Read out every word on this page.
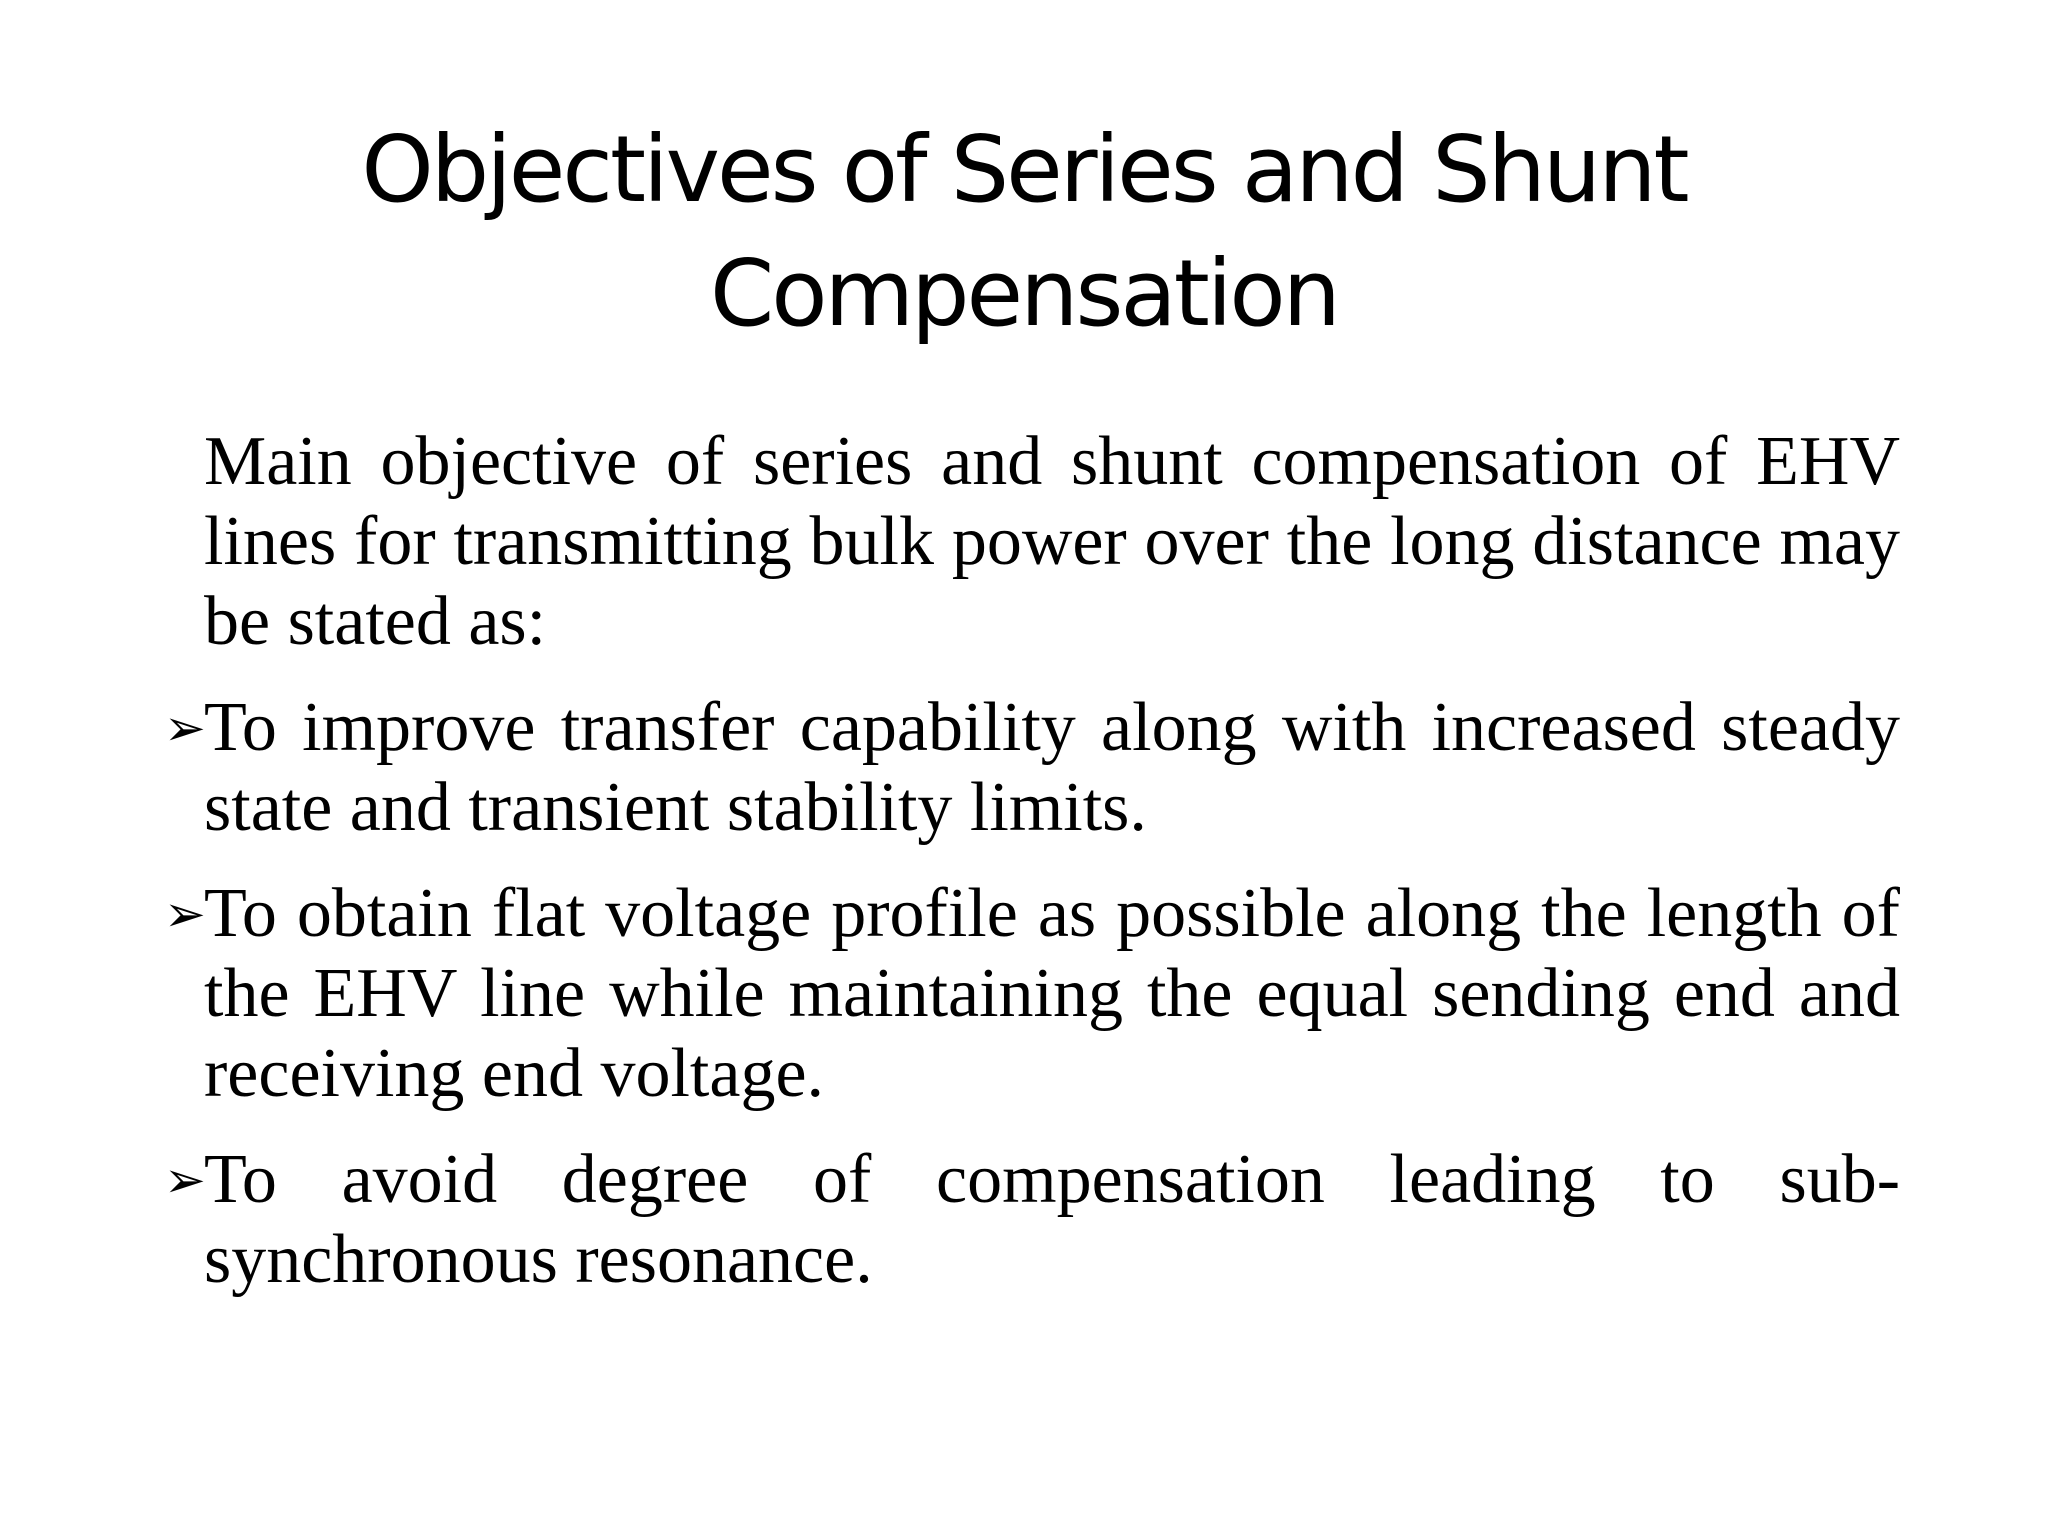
Objectives of Series and Shunt
Compensation

Main objective of series and shunt compensation of EHV lines for transmitting bulk power over the long distance may be stated as:

➢
To improve transfer capability along with increased steady state and transient stability limits.

➢
To obtain flat voltage profile as possible along the length of the EHV line while maintaining the equal sending end and receiving end voltage.

➢
To avoid degree of compensation leading to sub-synchronous resonance.
